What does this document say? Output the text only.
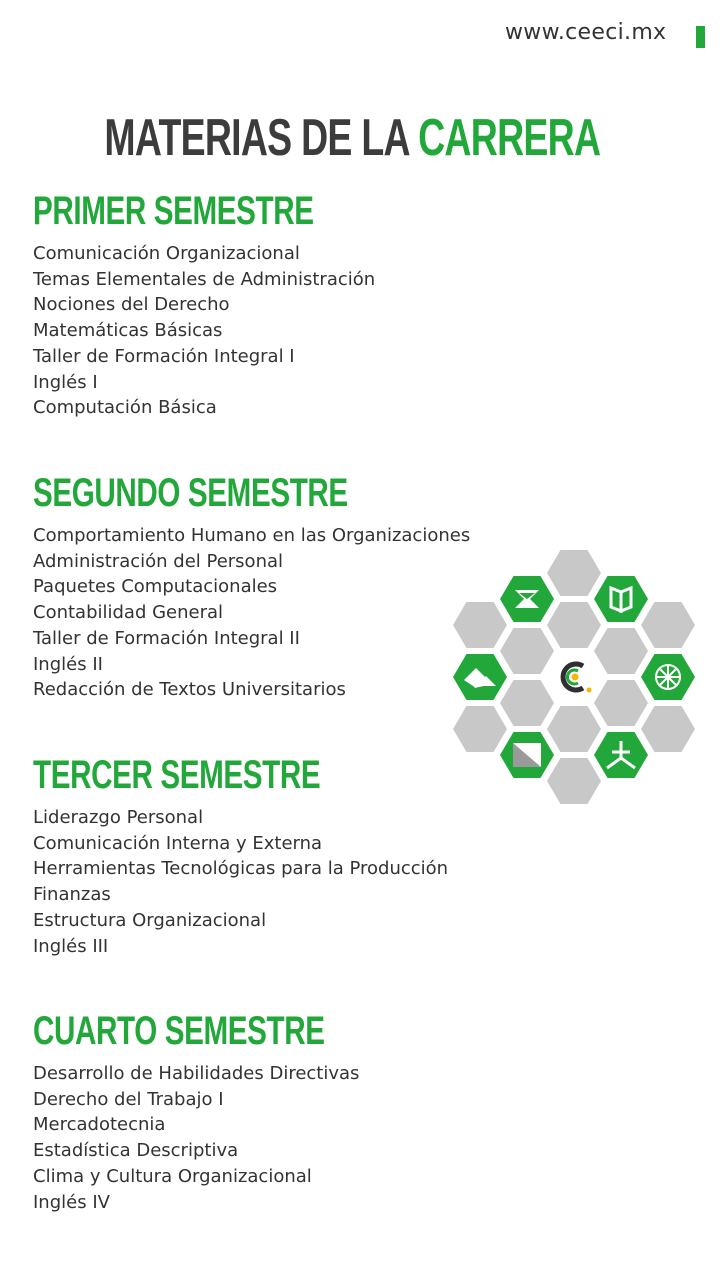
www.ceeci.mx
MATERIAS DE LA CARRERA
PRIMER SEMESTRE
Comunicación Organizacional
Temas Elementales de Administración
Nociones del Derecho
Matemáticas Básicas
Taller de Formación Integral I
Inglés I
Computación Básica
SEGUNDO SEMESTRE
Comportamiento Humano en las Organizaciones
Administración del Personal
Paquetes Computacionales
Contabilidad General
Taller de Formación Integral II
Inglés II
Redacción de Textos Universitarios
TERCER SEMESTRE
Liderazgo Personal
Comunicación Interna y Externa
Herramientas Tecnológicas para la Producción
Finanzas
Estructura Organizacional
Inglés III
CUARTO SEMESTRE
Desarrollo de Habilidades Directivas
Derecho del Trabajo I
Mercadotecnia
Estadística Descriptiva
Clima y Cultura Organizacional
Inglés IV
